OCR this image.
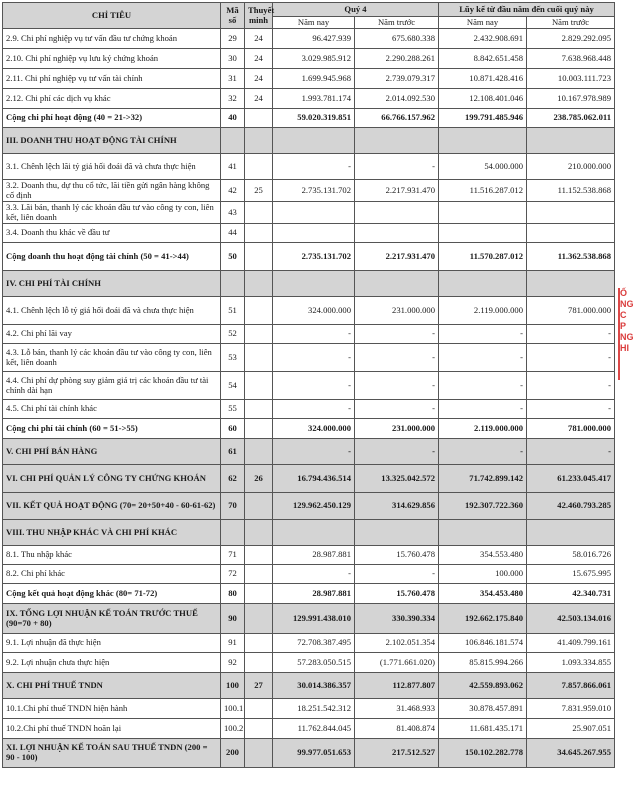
CHỈ TIÊU	Mã số	Thuyết minh	Quý 4		Lũy kế từ đầu năm đến cuối quý này	
			Năm nay	Năm trước	Năm nay	Năm trước
2.9. Chi phí nghiệp vụ tư vấn đầu tư chứng khoán	29	24	96.427.939	675.680.338	2.432.908.691	2.829.292.095
2.10. Chi phí nghiệp vụ lưu ký chứng khoán	30	24	3.029.985.912	2.290.288.261	8.842.651.458	7.638.968.448
2.11. Chi phí nghiệp vụ tư vấn tài chính	31	24	1.699.945.968	2.739.079.317	10.871.428.416	10.003.111.723
2.12. Chi phí các dịch vụ khác	32	24	1.993.781.174	2.014.092.530	12.108.401.046	10.167.978.989
Cộng chi phí hoạt động (40 = 21->32)	40		59.020.319.851	66.766.157.962	199.791.485.946	238.785.062.011
III. DOANH THU HOẠT ĐỘNG TÀI CHÍNH						
3.1. Chênh lệch lãi tỷ giá hối đoái đã và chưa thực hiện	41		-	-	54.000.000	210.000.000
3.2. Doanh thu, dự thu cổ tức, lãi tiền gửi ngân hàng không cố định	42	25	2.735.131.702	2.217.931.470	11.516.287.012	11.152.538.868
3.3. Lãi bán, thanh lý các khoản đầu tư vào công ty con, liên kết, liên doanh	43					
3.4. Doanh thu khác về đầu tư	44					
Cộng doanh thu hoạt động tài chính (50 = 41->44)	50		2.735.131.702	2.217.931.470	11.570.287.012	11.362.538.868
IV. CHI PHÍ TÀI CHÍNH						
4.1. Chênh lệch lỗ tỷ giá hối đoái đã và chưa thực hiện	51		324.000.000	231.000.000	2.119.000.000	781.000.000
4.2. Chi phí lãi vay	52		-	-	-	-
4.3. Lỗ bán, thanh lý các khoản đầu tư vào công ty con, liên kết, liên doanh	53		-	-	-	-
4.4. Chi phí dự phòng suy giảm giá trị các khoản đầu tư tài chính dài hạn	54		-	-	-	-
4.5. Chi phí tài chính khác	55		-	-	-	-
Cộng chi phí tài chính (60 = 51->55)	60		324.000.000	231.000.000	2.119.000.000	781.000.000
V. CHI PHÍ BÁN HÀNG	61		-	-	-	-
VI. CHI PHÍ QUẢN LÝ CÔNG TY CHỨNG KHOÁN	62	26	16.794.436.514	13.325.042.572	71.742.899.142	61.233.045.417
VII. KẾT QUẢ HOẠT ĐỘNG (70= 20+50+40 - 60-61-62)	70		129.962.450.129	314.629.856	192.307.722.360	42.460.793.285
VIII. THU NHẬP KHÁC VÀ CHI PHÍ KHÁC						
8.1. Thu nhập khác	71		28.987.881	15.760.478	354.553.480	58.016.726
8.2. Chi phí khác	72		-	-	100.000	15.675.995
Cộng kết quả hoạt động khác (80= 71-72)	80		28.987.881	15.760.478	354.453.480	42.340.731
IX. TỔNG LỢI NHUẬN KẾ TOÁN TRƯỚC THUẾ (90=70 + 80)	90		129.991.438.010	330.390.334	192.662.175.840	42.503.134.016
9.1. Lợi nhuận đã thực hiện	91		72.708.387.495	2.102.051.354	106.846.181.574	41.409.799.161
9.2. Lợi nhuận chưa thực hiện	92		57.283.050.515	(1.771.661.020)	85.815.994.266	1.093.334.855
X. CHI PHÍ THUẾ TNDN	100	27	30.014.386.357	112.877.807	42.559.893.062	7.857.866.061
10.1.Chi phí thuế TNDN hiện hành	100.1		18.251.542.312	31.468.933	30.878.457.891	7.831.959.010
10.2.Chi phí thuế TNDN hoãn lại	100.2		11.762.844.045	81.408.874	11.681.435.171	25.907.051
XI. LỢI NHUẬN KẾ TOÁN SAU THUẾ TNDN (200 = 90 - 100)	200		99.977.051.653	217.512.527	150.102.282.778	34.645.267.955
Ố
NG
C
P
NG
HI
